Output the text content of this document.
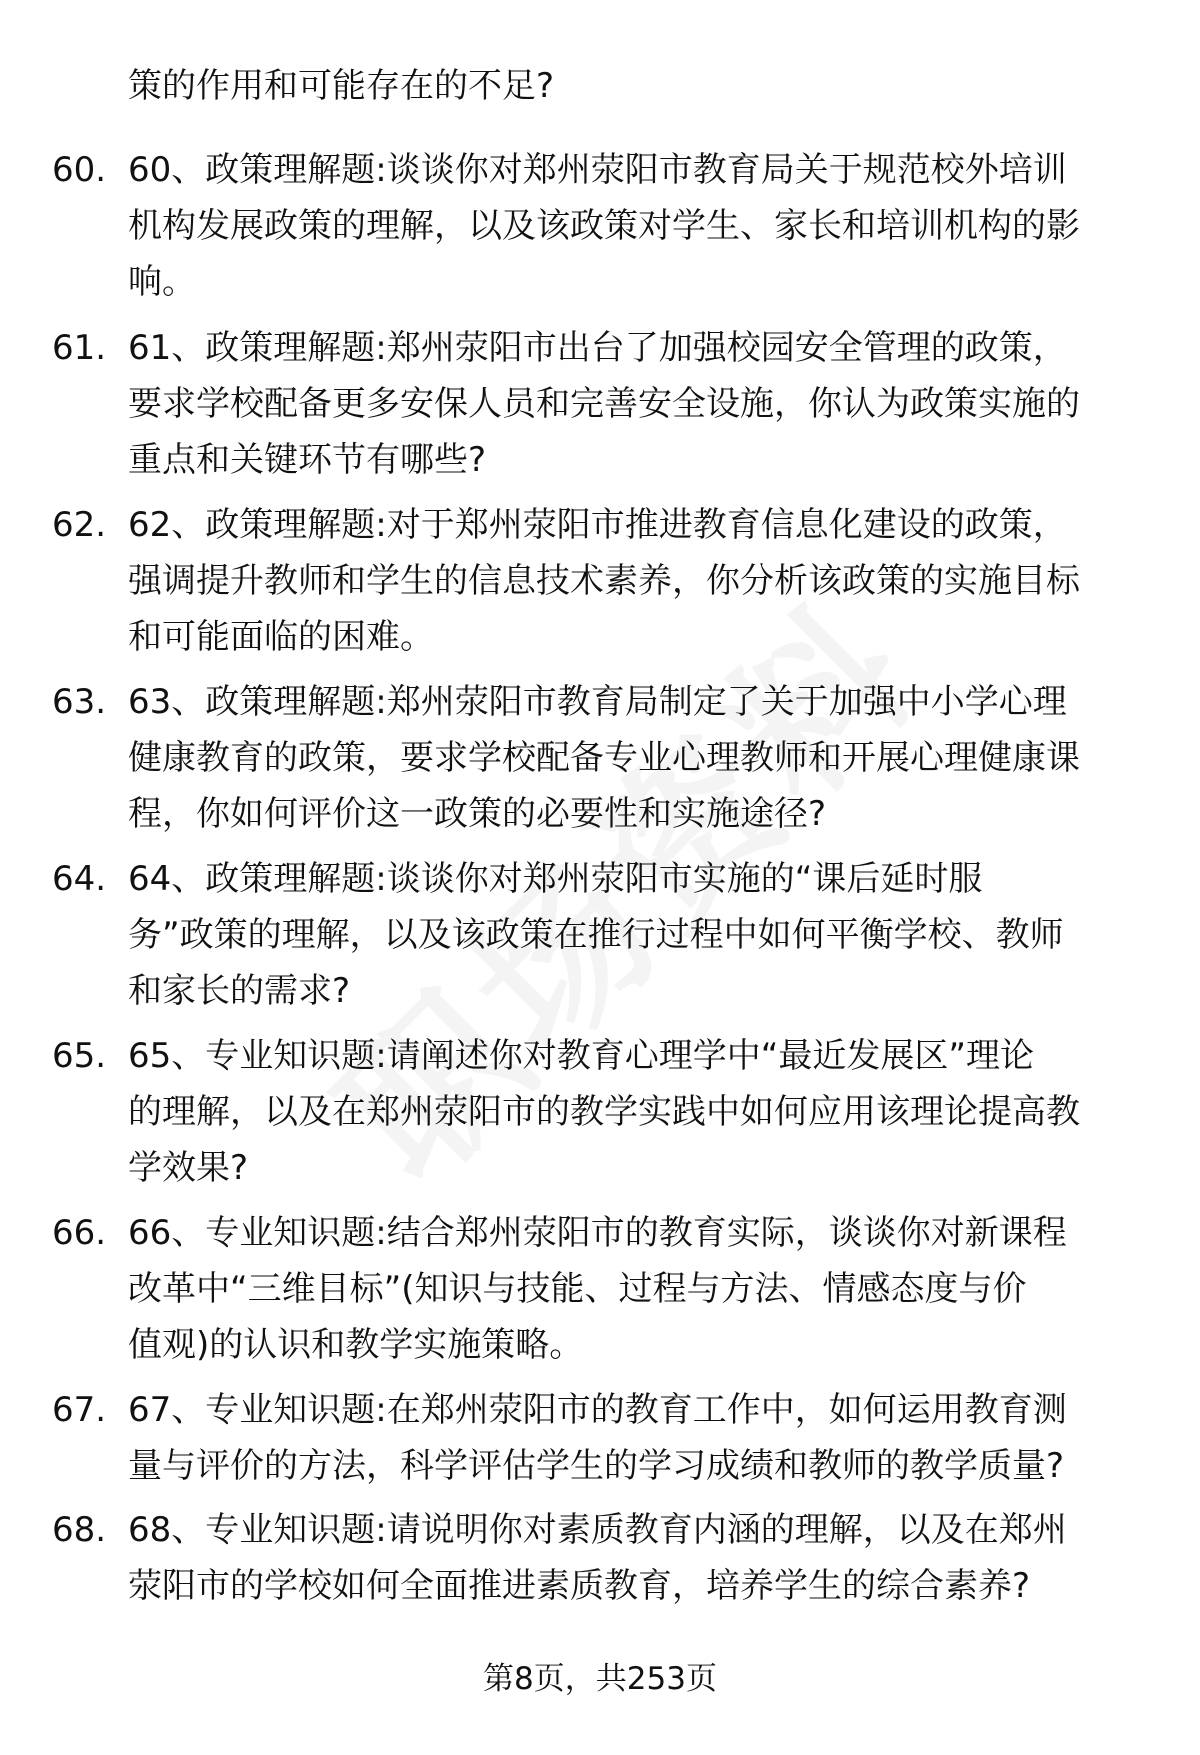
策的作用和可能存在的不足?
60. 60、政策理解题:谈谈你对郑州荥阳市教育局关于规范校外培训
机构发展政策的理解，以及该政策对学生、家长和培训机构的影
响。
61. 61、政策理解题:郑州荥阳市出台了加强校园安全管理的政策，
要求学校配备更多安保人员和完善安全设施，你认为政策实施的
重点和关键环节有哪些?
62. 62、政策理解题:对于郑州荥阳市推进教育信息化建设的政策，
强调提升教师和学生的信息技术素养，你分析该政策的实施目标
和可能面临的困难。
63. 63、政策理解题:郑州荥阳市教育局制定了关于加强中小学心理
健康教育的政策，要求学校配备专业心理教师和开展心理健康课
程，你如何评价这一政策的必要性和实施途径?
64. 64、政策理解题:谈谈你对郑州荥阳市实施的“课后延时服
务”政策的理解，以及该政策在推行过程中如何平衡学校、教师
和家长的需求?
65. 65、专业知识题:请阐述你对教育心理学中“最近发展区”理论
的理解，以及在郑州荥阳市的教学实践中如何应用该理论提高教
学效果?
66. 66、专业知识题:结合郑州荥阳市的教育实际，谈谈你对新课程
改革中“三维目标”(知识与技能、过程与方法、情感态度与价
值观)的认识和教学实施策略。
67. 67、专业知识题:在郑州荥阳市的教育工作中，如何运用教育测
量与评价的方法，科学评估学生的学习成绩和教师的教学质量?
68. 68、专业知识题:请说明你对素质教育内涵的理解，以及在郑州
荥阳市的学校如何全面推进素质教育，培养学生的综合素养?
第8页，共253页
